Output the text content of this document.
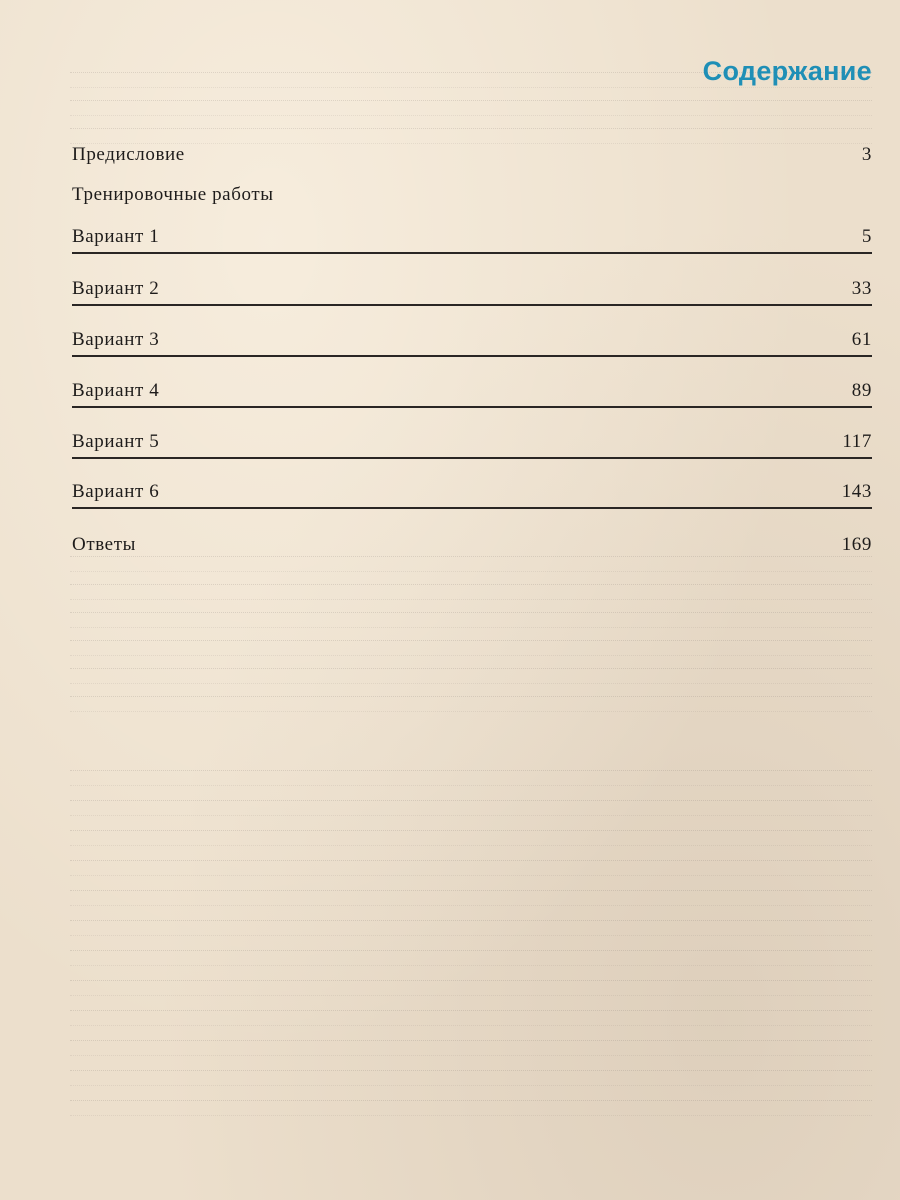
Содержание
Предисловие	3
Тренировочные работы
Вариант 1	5
Вариант 2	33
Вариант 3	61
Вариант 4	89
Вариант 5	117
Вариант 6	143
Ответы	169
